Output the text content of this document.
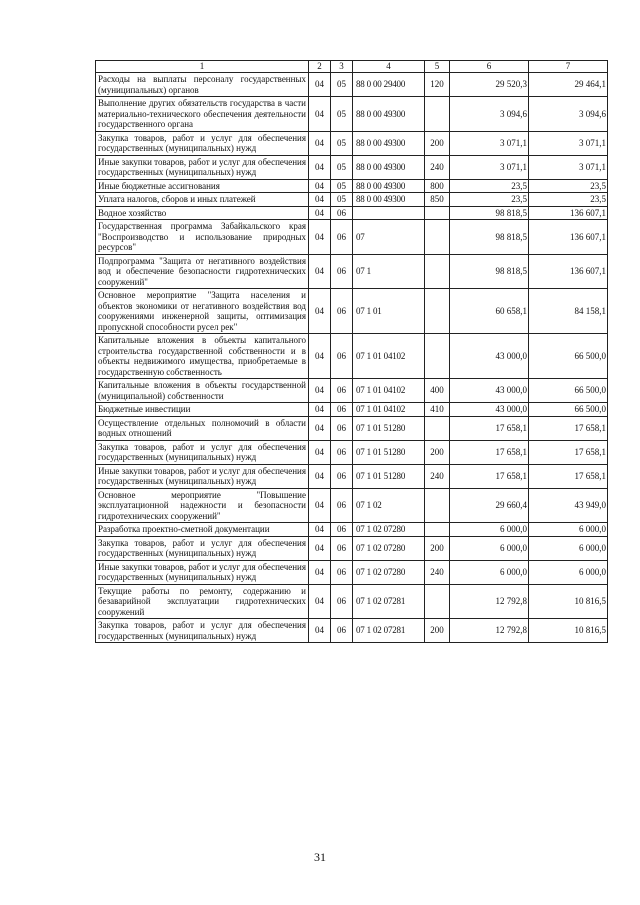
1	2	3	4	5	6	7
Расходы на выплаты персоналу государственных (муниципальных) органов	04	05	88 0 00 29400	120	29 520,3	29 464,1
Выполнение других обязательств государства в части материально-технического обеспечения деятельности государственного органа	04	05	88 0 00 49300		3 094,6	3 094,6
Закупка товаров, работ и услуг для обеспечения государственных (муниципальных) нужд	04	05	88 0 00 49300	200	3 071,1	3 071,1
Иные закупки товаров, работ и услуг для обеспечения государственных (муниципальных) нужд	04	05	88 0 00 49300	240	3 071,1	3 071,1
Иные бюджетные ассигнования	04	05	88 0 00 49300	800	23,5	23,5
Уплата налогов, сборов и иных платежей	04	05	88 0 00 49300	850	23,5	23,5
Водное хозяйство	04	06			98 818,5	136 607,1
Государственная программа Забайкальского края "Воспроизводство и использование природных ресурсов"	04	06	07		98 818,5	136 607,1
Подпрограмма "Защита от негативного воздействия вод и обеспечение безопасности гидротехнических сооружений"	04	06	07 1		98 818,5	136 607,1
Основное мероприятие "Защита населения и объектов экономики от негативного воздействия вод сооружениями инженерной защиты, оптимизация пропускной способности русел рек"	04	06	07 1 01		60 658,1	84 158,1
Капитальные вложения в объекты капитального строительства государственной собственности и в объекты недвижимого имущества, приобретаемые в государственную собственность	04	06	07 1 01 04102		43 000,0	66 500,0
Капитальные вложения в объекты государственной (муниципальной) собственности	04	06	07 1 01 04102	400	43 000,0	66 500,0
Бюджетные инвестиции	04	06	07 1 01 04102	410	43 000,0	66 500,0
Осуществление отдельных полномочий в области водных отношений	04	06	07 1 01 51280		17 658,1	17 658,1
Закупка товаров, работ и услуг для обеспечения государственных (муниципальных) нужд	04	06	07 1 01 51280	200	17 658,1	17 658,1
Иные закупки товаров, работ и услуг для обеспечения государственных (муниципальных) нужд	04	06	07 1 01 51280	240	17 658,1	17 658,1
Основное мероприятие "Повышение эксплуатационной надежности и безопасности гидротехнических сооружений"	04	06	07 1 02		29 660,4	43 949,0
Разработка проектно-сметной документации	04	06	07 1 02 07280		6 000,0	6 000,0
Закупка товаров, работ и услуг для обеспечения государственных (муниципальных) нужд	04	06	07 1 02 07280	200	6 000,0	6 000,0
Иные закупки товаров, работ и услуг для обеспечения государственных (муниципальных) нужд	04	06	07 1 02 07280	240	6 000,0	6 000,0
Текущие работы по ремонту, содержанию и безаварийной эксплуатации гидротехнических сооружений	04	06	07 1 02 07281		12 792,8	10 816,5
Закупка товаров, работ и услуг для обеспечения государственных (муниципальных) нужд	04	06	07 1 02 07281	200	12 792,8	10 816,5
31
